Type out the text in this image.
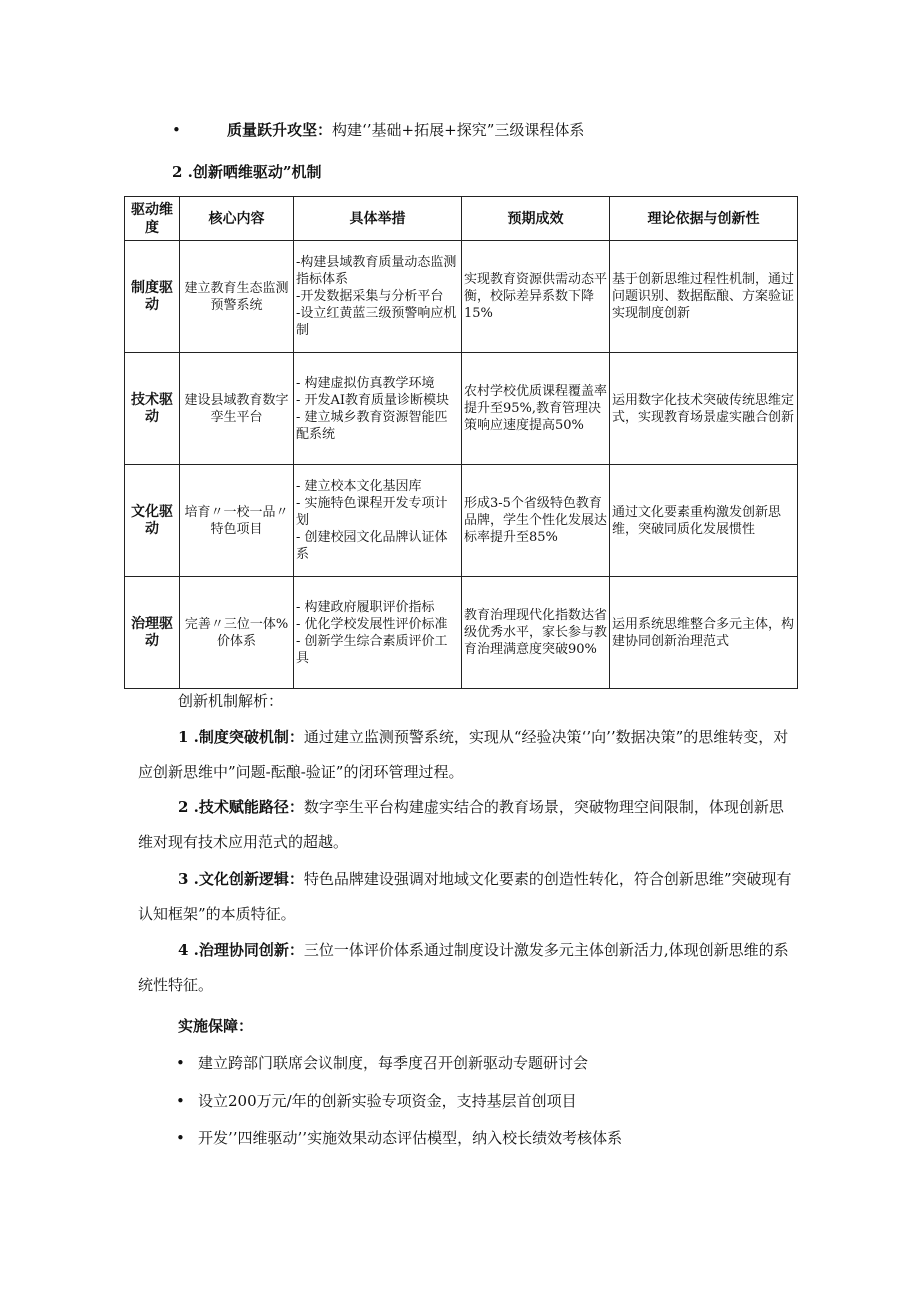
•	质量跃升攻坚：构建‘’基础+拓展+探究”三级课程体系
2 .创新哂维驱动”机制
驱动维度	核心内容	具体举措	预期成效	理论依据与创新性
制度驱动	建立教育生态监测预警系统	-构建县域教育质量动态监测指标体系
-开发数据采集与分析平台
-设立红黄蓝三级预警响应机制	实现教育资源供需动态平衡，校际差异系数下降15%	基于创新思维过程性机制，通过问题识别、数据酝酿、方案验证实现制度创新
技术驱动	建设县域教育数字孪生平台	- 构建虚拟仿真教学环境
- 开发AI教育质量诊断模块
- 建立城乡教育资源智能匹配系统	农村学校优质课程覆盖率提升至95%,教育管理决策响应速度提高50%	运用数字化技术突破传统思维定式，实现教育场景虚实融合创新
文化驱动	培育〃一校一品〃特色项目	- 建立校本文化基因库
- 实施特色课程开发专项计划
- 创建校园文化品牌认证体系	形成3-5个省级特色教育品牌，学生个性化发展达标率提升至85%	通过文化要素重构激发创新思维，突破同质化发展惯性
治理驱动	完善〃三位一体%价体系	- 构建政府履职评价指标
- 优化学校发展性评价标准
- 创新学生综合素质评价工具	教育治理现代化指数达省级优秀水平，家长参与教育治理满意度突破90%	运用系统思维整合多元主体，构建协同创新治理范式
创新机制解析：
1 .制度突破机制：通过建立监测预警系统，实现从“经验决策‘’向’’数据决策”的思维转变，对应创新思维中”问题-酝酿-验证”的闭环管理过程。
2 .技术赋能路径：数字孪生平台构建虚实结合的教育场景，突破物理空间限制，体现创新思维对现有技术应用范式的超越。
3 .文化创新逻辑：特色品牌建设强调对地域文化要素的创造性转化，符合创新思维”突破现有认知框架”的本质特征。
4 .治理协同创新：三位一体评价体系通过制度设计激发多元主体创新活力,体现创新思维的系统性特征。
实施保障：
• 建立跨部门联席会议制度，每季度召开创新驱动专题研讨会
• 设立200万元/年的创新实验专项资金，支持基层首创项目
• 开发’’四维驱动’’实施效果动态评估模型，纳入校长绩效考核体系
